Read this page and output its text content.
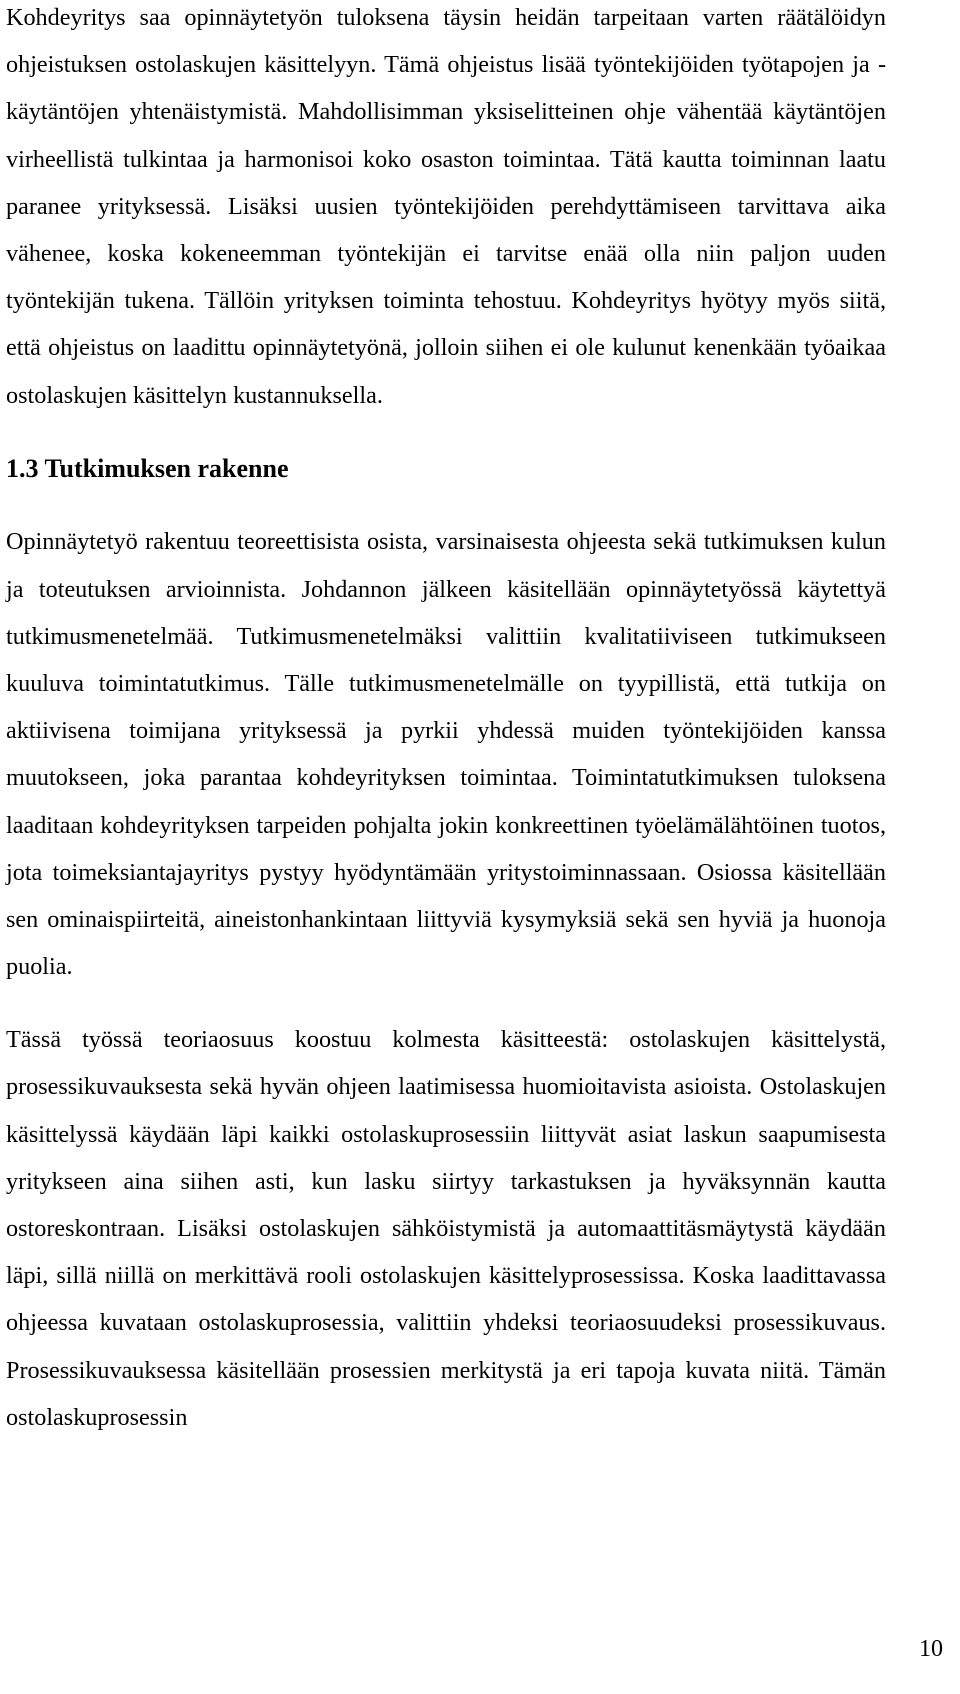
Kohdeyritys saa opinnäytetyön tuloksena täysin heidän tarpeitaan varten räätälöidyn ohjeistuksen ostolaskujen käsittelyyn. Tämä ohjeistus lisää työntekijöiden työtapojen ja -käytäntöjen yhtenäistymistä. Mahdollisimman yksiselitteinen ohje vähentää käytäntöjen virheellistä tulkintaa ja harmonisoi koko osaston toimintaa. Tätä kautta toiminnan laatu paranee yrityksessä. Lisäksi uusien työntekijöiden perehdyttämiseen tarvittava aika vähenee, koska kokeneemman työntekijän ei tarvitse enää olla niin paljon uuden työntekijän tukena. Tällöin yrityksen toiminta tehostuu. Kohdeyritys hyötyy myös siitä, että ohjeistus on laadittu opinnäytetyönä, jolloin siihen ei ole kulunut kenenkään työaikaa ostolaskujen käsittelyn kustannuksella.

1.3 Tutkimuksen rakenne

Opinnäytetyö rakentuu teoreettisista osista, varsinaisesta ohjeesta sekä tutkimuksen kulun ja toteutuksen arvioinnista. Johdannon jälkeen käsitellään opinnäytetyössä käytettyä tutkimusmenetelmää. Tutkimusmenetelmäksi valittiin kvalitatiiviseen tutkimukseen kuuluva toimintatutkimus. Tälle tutkimusmenetelmälle on tyypillistä, että tutkija on aktiivisena toimijana yrityksessä ja pyrkii yhdessä muiden työntekijöiden kanssa muutokseen, joka parantaa kohdeyrityksen toimintaa. Toimintatutkimuksen tuloksena laaditaan kohdeyrityksen tarpeiden pohjalta jokin konkreettinen työelämälähtöinen tuotos, jota toimeksiantajayritys pystyy hyödyntämään yritystoiminnassaan. Osiossa käsitellään sen ominaispiirteitä, aineistonhankintaan liittyviä kysymyksiä sekä sen hyviä ja huonoja puolia.

Tässä työssä teoriaosuus koostuu kolmesta käsitteestä: ostolaskujen käsittelystä, prosessikuvauksesta sekä hyvän ohjeen laatimisessa huomioitavista asioista. Ostolaskujen käsittelyssä käydään läpi kaikki ostolaskuprosessiin liittyvät asiat laskun saapumisesta yritykseen aina siihen asti, kun lasku siirtyy tarkastuksen ja hyväksynnän kautta ostoreskontraan. Lisäksi ostolaskujen sähköistymistä ja automaattitäsmäytystä käydään läpi, sillä niillä on merkittävä rooli ostolaskujen käsittelyprosessissa. Koska laadittavassa ohjeessa kuvataan ostolaskuprosessia, valittiin yhdeksi teoriaosuudeksi prosessikuvaus. Prosessikuvauksessa käsitellään prosessien merkitystä ja eri tapoja kuvata niitä. Tämän ostolaskuprosessin

10
